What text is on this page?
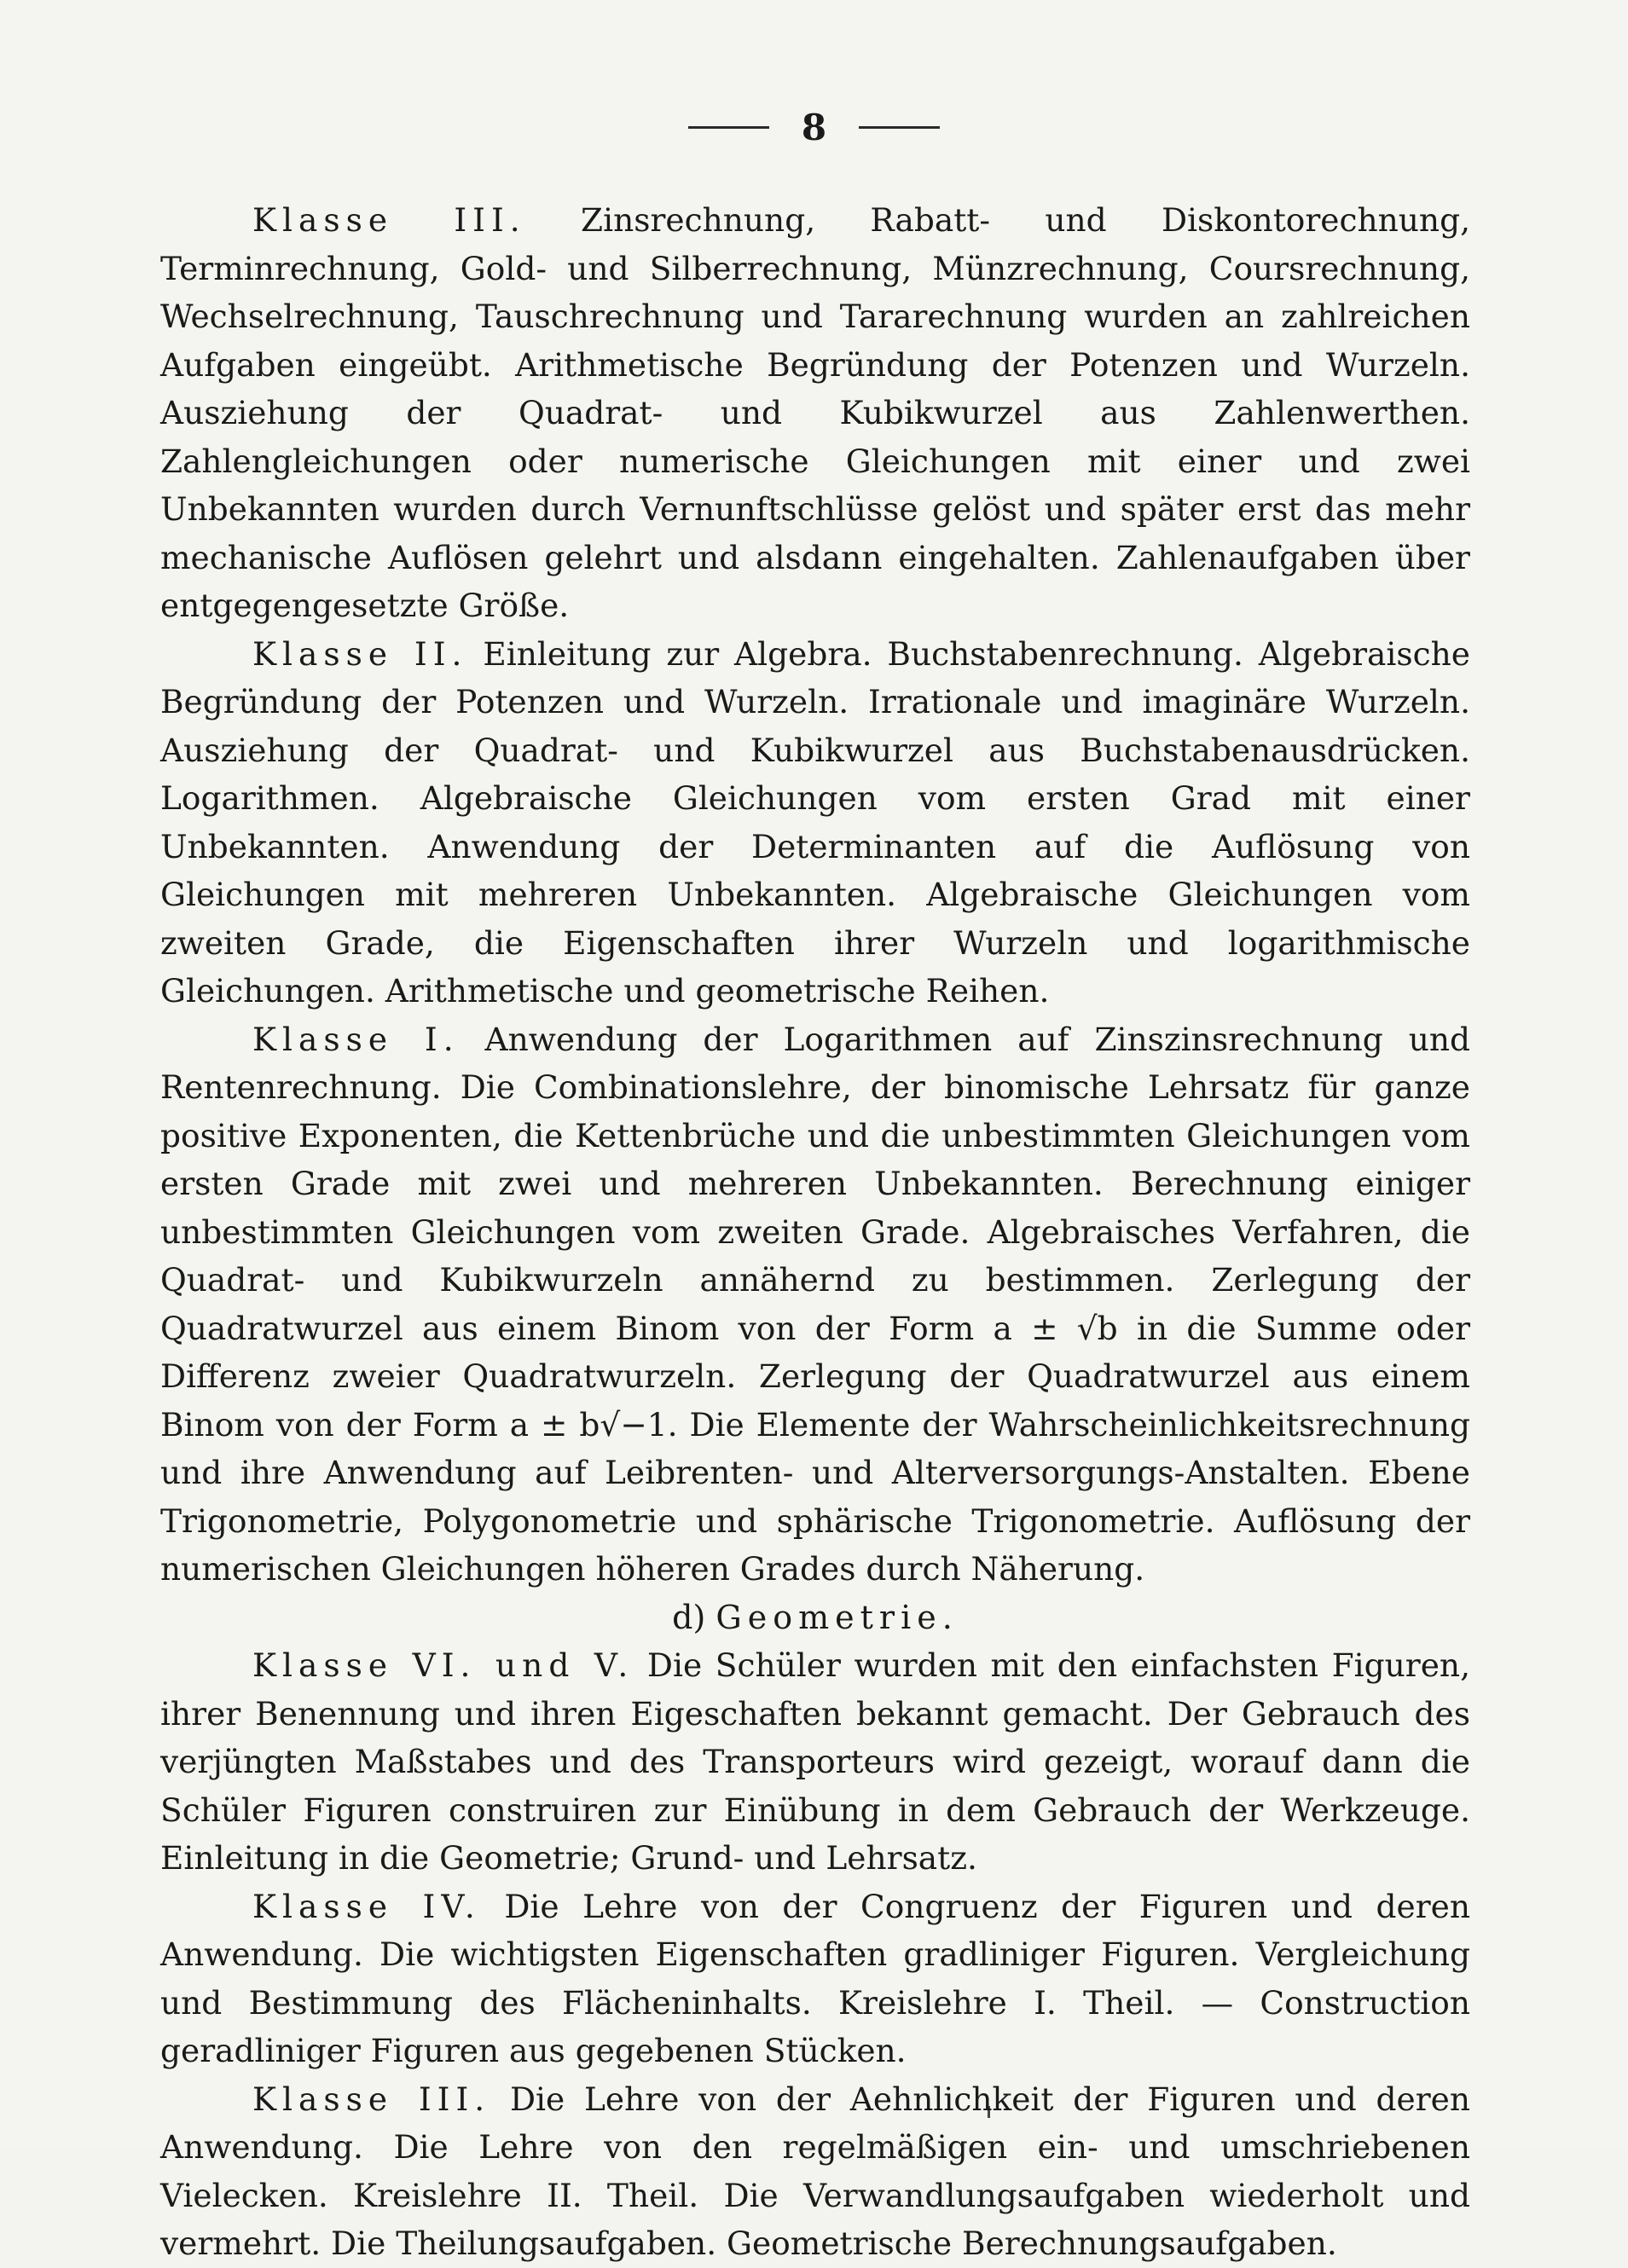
8

Klasse III. Zinsrechnung, Rabatt- und Diskontorechnung, Terminrechnung, Gold- und Silberrechnung, Münzrechnung, Coursrechnung, Wechselrechnung, Tauschrechnung und Tararechnung wurden an zahlreichen Aufgaben eingeübt. Arithmetische Begründung der Potenzen und Wurzeln. Ausziehung der Quadrat- und Kubikwurzel aus Zahlenwerthen. Zahlengleichungen oder numerische Gleichungen mit einer und zwei Unbekannten wurden durch Vernunftschlüsse gelöst und später erst das mehr mechanische Auflösen gelehrt und alsdann eingehalten. Zahlenaufgaben über entgegengesetzte Größe.

Klasse II. Einleitung zur Algebra. Buchstabenrechnung. Algebraische Begründung der Potenzen und Wurzeln. Irrationale und imaginäre Wurzeln. Ausziehung der Quadrat- und Kubikwurzel aus Buchstabenausdrücken. Logarithmen. Algebraische Gleichungen vom ersten Grad mit einer Unbekannten. Anwendung der Determinanten auf die Auflösung von Gleichungen mit mehreren Unbekannten. Algebraische Gleichungen vom zweiten Grade, die Eigenschaften ihrer Wurzeln und logarithmische Gleichungen. Arithmetische und geometrische Reihen.

Klasse I. Anwendung der Logarithmen auf Zinszinsrechnung und Rentenrechnung. Die Combinationslehre, der binomische Lehrsatz für ganze positive Exponenten, die Kettenbrüche und die unbestimmten Gleichungen vom ersten Grade mit zwei und mehreren Unbekannten. Berechnung einiger unbestimmten Gleichungen vom zweiten Grade. Algebraisches Verfahren, die Quadrat- und Kubikwurzeln annähernd zu bestimmen. Zerlegung der Quadratwurzel aus einem Binom von der Form a ± √b in die Summe oder Differenz zweier Quadratwurzeln. Zerlegung der Quadratwurzel aus einem Binom von der Form a ± b√−1. Die Elemente der Wahrscheinlichkeitsrechnung und ihre Anwendung auf Leibrenten- und Alterversorgungs-Anstalten. Ebene Trigonometrie, Polygonometrie und sphärische Trigonometrie. Auflösung der numerischen Gleichungen höheren Grades durch Näherung.

d) Geometrie.

Klasse VI. und V. Die Schüler wurden mit den einfachsten Figuren, ihrer Benennung und ihren Eigeschaften bekannt gemacht. Der Gebrauch des verjüngten Maßstabes und des Transporteurs wird gezeigt, worauf dann die Schüler Figuren construiren zur Einübung in dem Gebrauch der Werkzeuge. Einleitung in die Geometrie; Grund- und Lehrsatz.

Klasse IV. Die Lehre von der Congruenz der Figuren und deren Anwendung. Die wichtigsten Eigenschaften gradliniger Figuren. Vergleichung und Bestimmung des Flächeninhalts. Kreislehre I. Theil. — Construction geradliniger Figuren aus gegebenen Stücken.

Klasse III. Die Lehre von der Aehnlichkeit der Figuren und deren Anwendung. Die Lehre von den regelmäßigen ein- und umschriebenen Vielecken. Kreislehre II. Theil. Die Verwandlungsaufgaben wiederholt und vermehrt. Die Theilungsaufgaben. Geometrische Berechnungsaufgaben.
